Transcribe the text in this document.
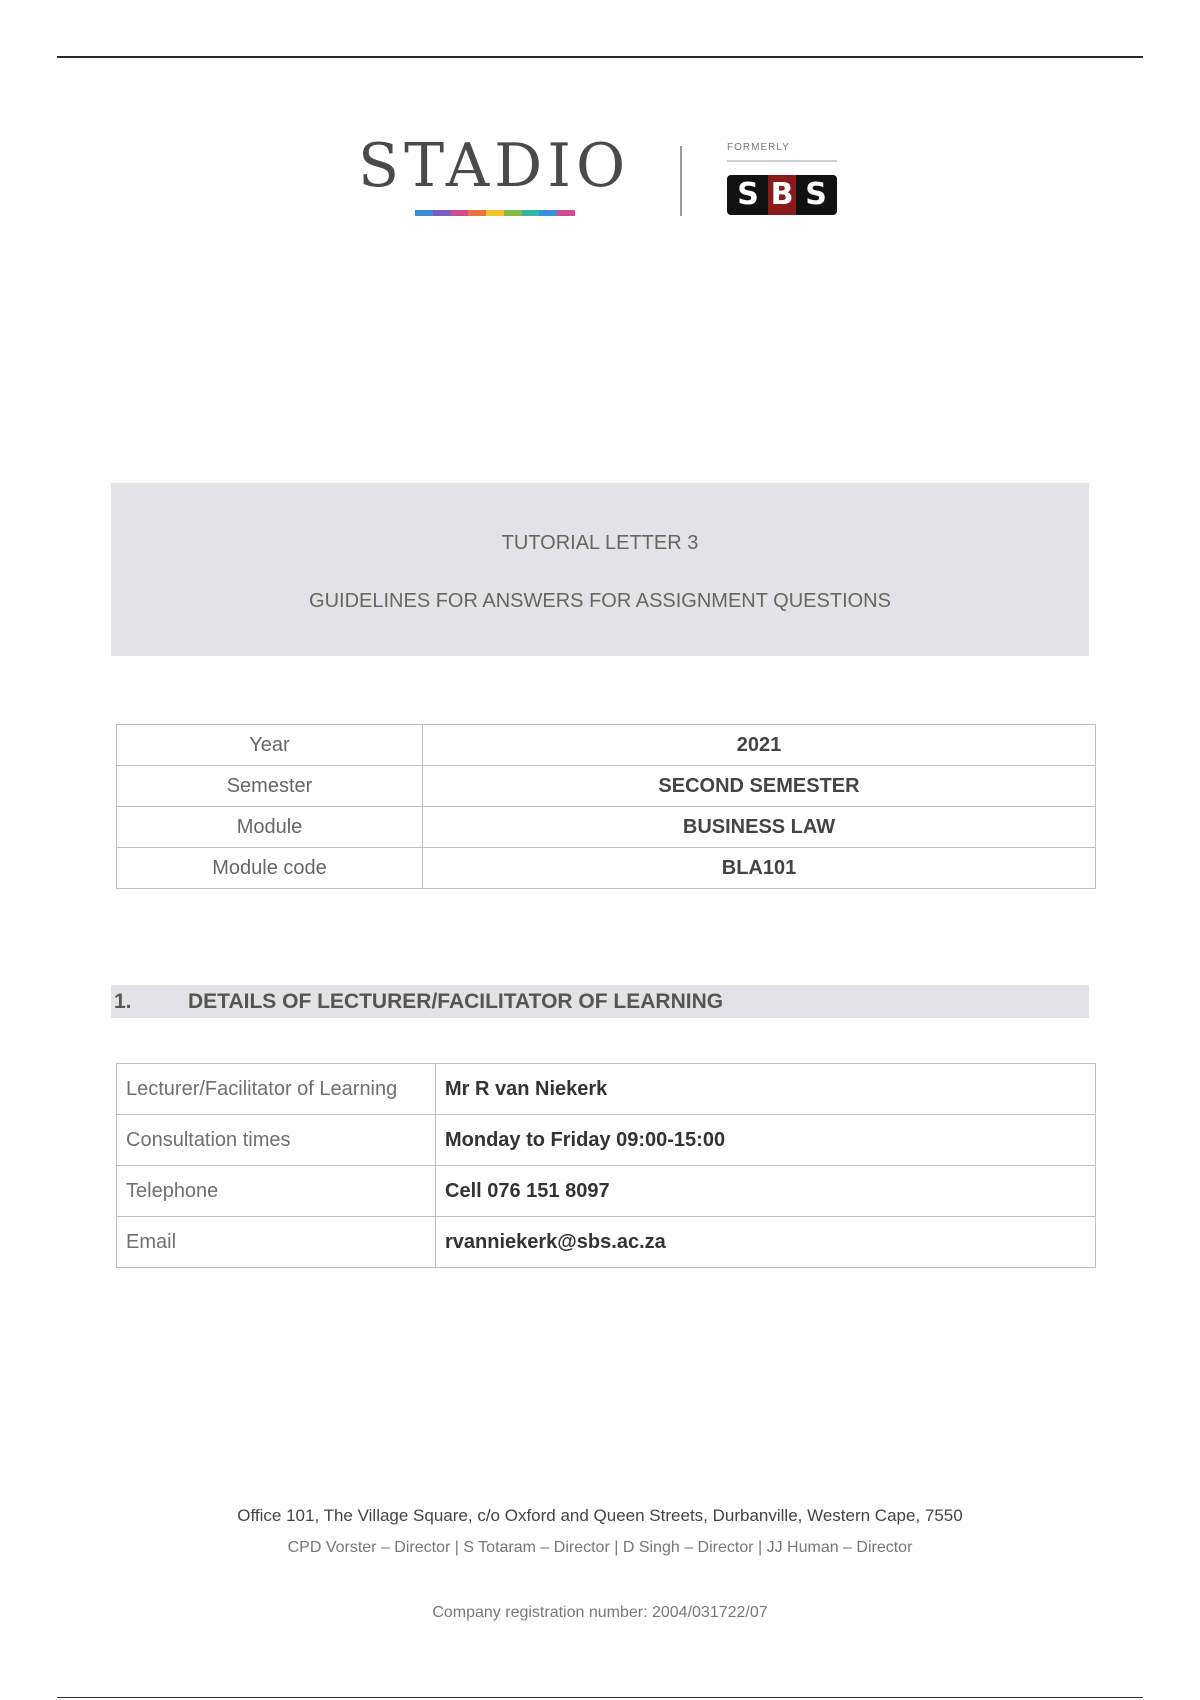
STADIO	FORMERLY
S B S
TUTORIAL LETTER 3
GUIDELINES FOR ANSWERS FOR ASSIGNMENT QUESTIONS
Year	2021
Semester	SECOND SEMESTER
Module	BUSINESS LAW
Module code	BLA101
1.	DETAILS OF LECTURER/FACILITATOR OF LEARNING
Lecturer/Facilitator of Learning	Mr R van Niekerk
Consultation times	Monday to Friday 09:00-15:00
Telephone	Cell 076 151 8097
Email	rvanniekerk@sbs.ac.za
Office 101, The Village Square, c/o Oxford and Queen Streets, Durbanville, Western Cape, 7550
CPD Vorster – Director | S Totaram – Director | D Singh – Director | JJ Human – Director
Company registration number: 2004/031722/07
